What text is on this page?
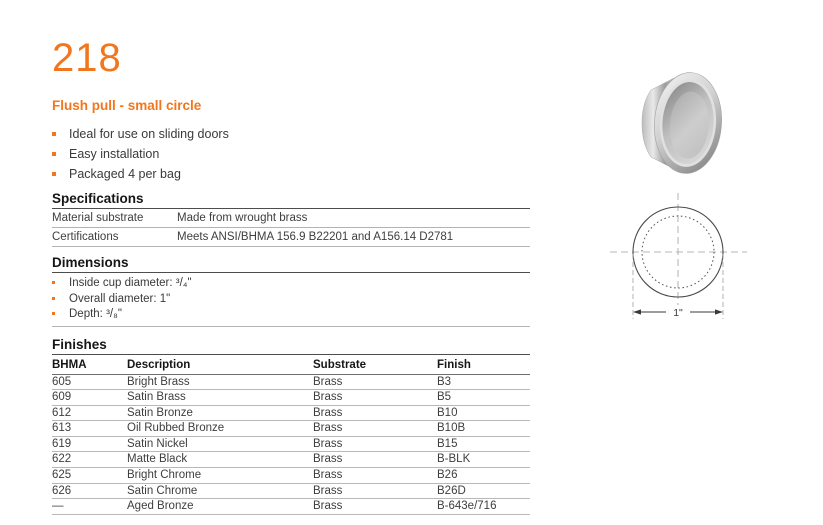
218
Flush pull - small circle
Ideal for use on sliding doors
Easy installation
Packaged 4 per bag
Specifications
Material substrate	Made from wrought brass
Certifications	Meets ANSI/BHMA 156.9 B22201 and A156.14 D2781
Dimensions
Inside cup diameter: ³/₄"
Overall diameter: 1"
Depth: ³/₈"
Finishes
BHMA	Description	Substrate	Finish
605	Bright Brass	Brass	B3
609	Satin Brass	Brass	B5
612	Satin Bronze	Brass	B10
613	Oil Rubbed Bronze	Brass	B10B
619	Satin Nickel	Brass	B15
622	Matte Black	Brass	B-BLK
625	Bright Chrome	Brass	B26
626	Satin Chrome	Brass	B26D
—	Aged Bronze	Brass	B-643e/716
1"
